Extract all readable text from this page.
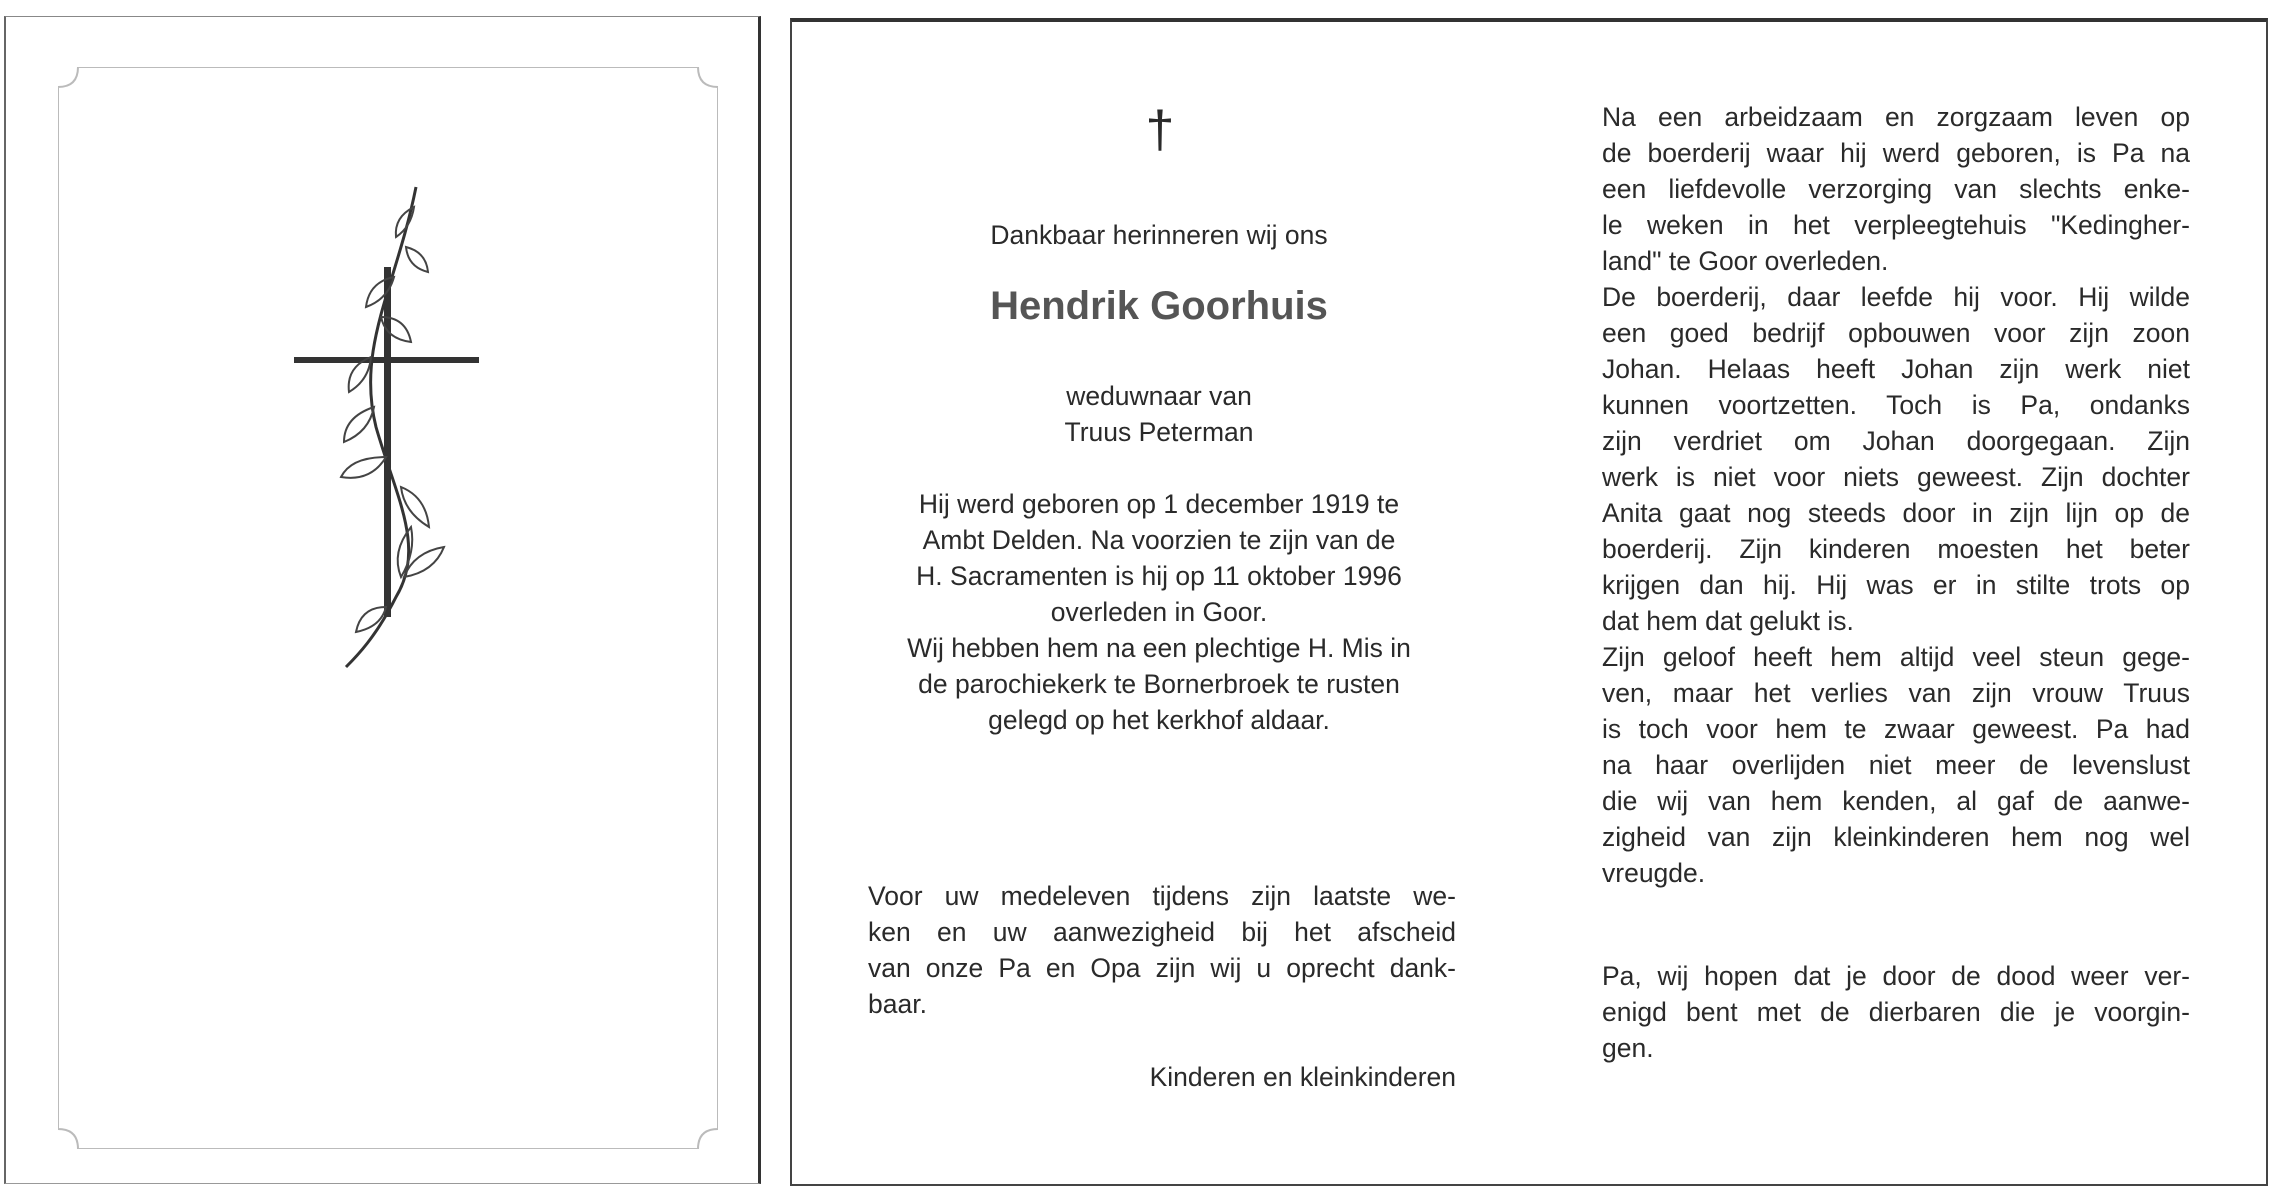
†
Dankbaar herinneren wij ons
Hendrik Goorhuis
weduwnaar van
Truus Peterman
Hij werd geboren op 1 december 1919 te
Ambt Delden. Na voorzien te zijn van de
H. Sacramenten is hij op 11 oktober 1996
overleden in Goor.
Wij hebben hem na een plechtige H. Mis in
de parochiekerk te Bornerbroek te rusten
gelegd op het kerkhof aldaar.
Voor uw medeleven tijdens zijn laatste we-
ken en uw aanwezigheid bij het afscheid
van onze Pa en Opa zijn wij u oprecht dank-
baar.
Kinderen en kleinkinderen
Na een arbeidzaam en zorgzaam leven op
de boerderij waar hij werd geboren, is Pa na
een liefdevolle verzorging van slechts enke-
le weken in het verpleegtehuis "Kedingher-
land" te Goor overleden.
De boerderij, daar leefde hij voor. Hij wilde
een goed bedrijf opbouwen voor zijn zoon
Johan. Helaas heeft Johan zijn werk niet
kunnen voortzetten. Toch is Pa, ondanks
zijn verdriet om Johan doorgegaan. Zijn
werk is niet voor niets geweest. Zijn dochter
Anita gaat nog steeds door in zijn lijn op de
boerderij. Zijn kinderen moesten het beter
krijgen dan hij. Hij was er in stilte trots op
dat hem dat gelukt is.
Zijn geloof heeft hem altijd veel steun gege-
ven, maar het verlies van zijn vrouw Truus
is toch voor hem te zwaar geweest. Pa had
na haar overlijden niet meer de levenslust
die wij van hem kenden, al gaf de aanwe-
zigheid van zijn kleinkinderen hem nog wel
vreugde.
Pa, wij hopen dat je door de dood weer ver-
enigd bent met de dierbaren die je voorgin-
gen.
